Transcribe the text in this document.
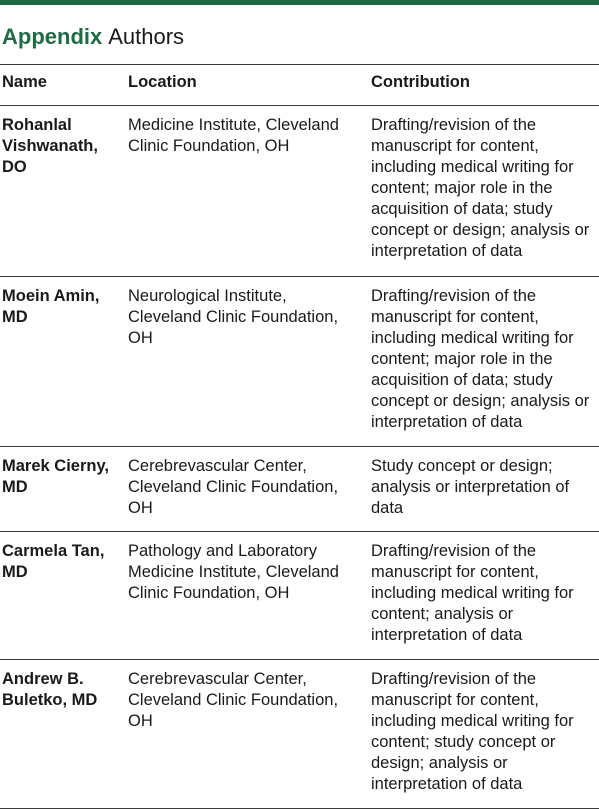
Appendix Authors
Name	Location	Contribution
Rohanlal Vishwanath, DO
Medicine Institute, Cleveland Clinic Foundation, OH
Drafting/revision of the manuscript for content, including medical writing for content; major role in the acquisition of data; study concept or design; analysis or interpretation of data
Moein Amin, MD
Neurological Institute, Cleveland Clinic Foundation, OH
Drafting/revision of the manuscript for content, including medical writing for content; major role in the acquisition of data; study concept or design; analysis or interpretation of data
Marek Cierny, MD
Cerebrevascular Center, Cleveland Clinic Foundation, OH
Study concept or design; analysis or interpretation of data
Carmela Tan, MD
Pathology and Laboratory Medicine Institute, Cleveland Clinic Foundation, OH
Drafting/revision of the manuscript for content, including medical writing for content; analysis or interpretation of data
Andrew B. Buletko, MD
Cerebrevascular Center, Cleveland Clinic Foundation, OH
Drafting/revision of the manuscript for content, including medical writing for content; study concept or design; analysis or interpretation of data
